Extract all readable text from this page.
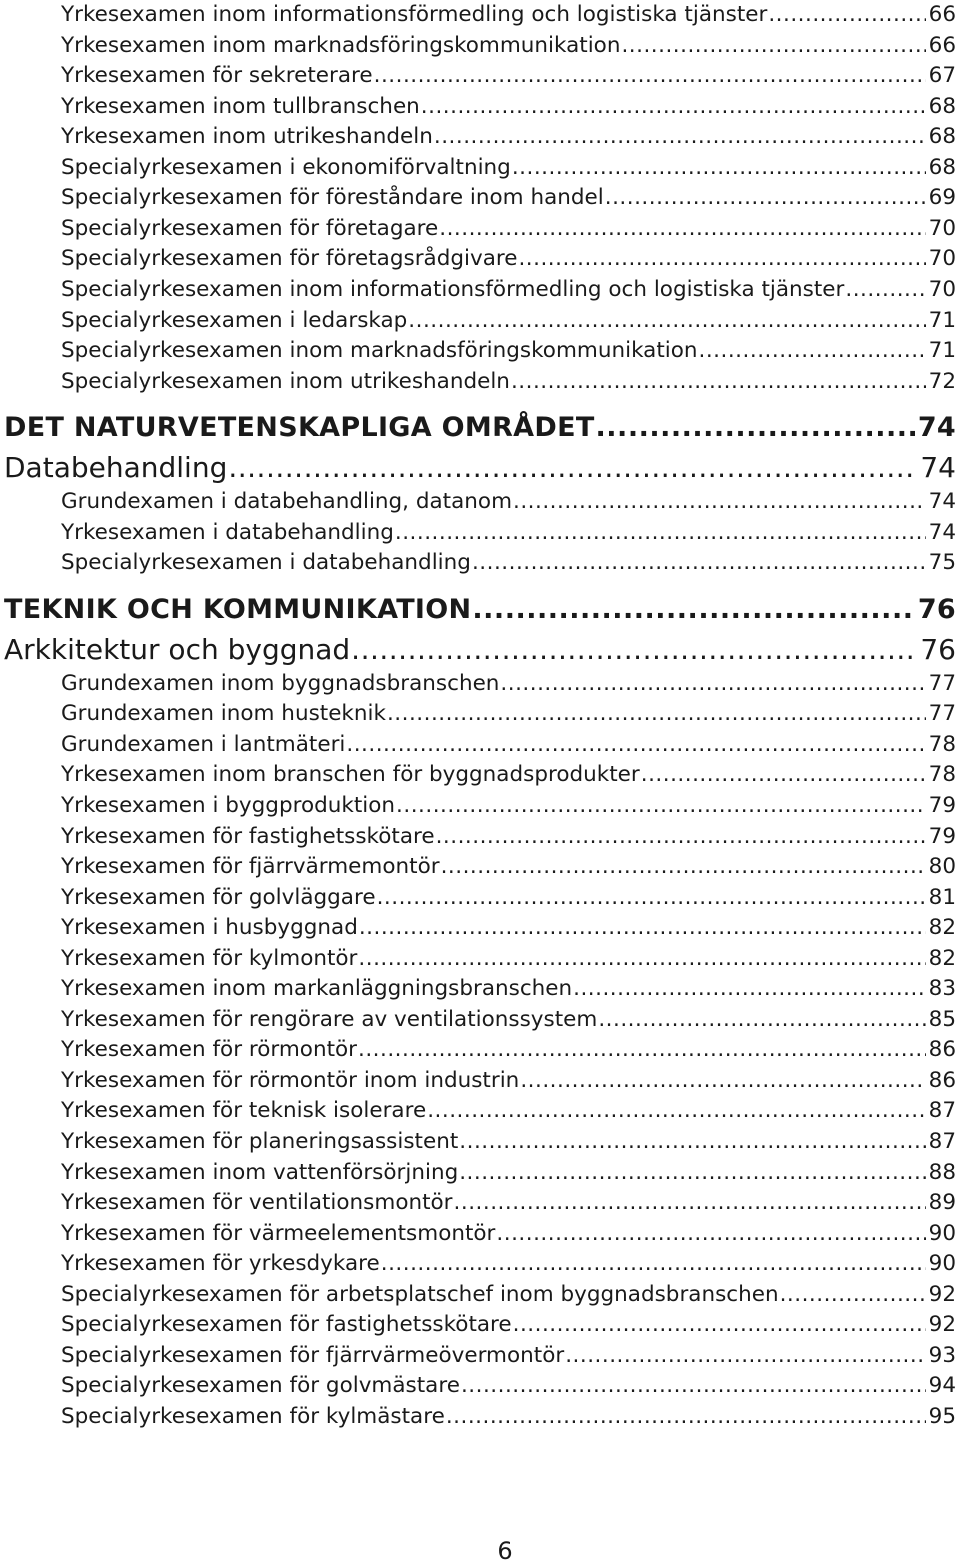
Yrkesexamen inom informationsförmedling och logistiska tjänster .....	66
Yrkesexamen inom marknadsföringskommunikation .....	66
Yrkesexamen för sekreterare .....	67
Yrkesexamen inom tullbranschen .....	68
Yrkesexamen inom utrikeshandeln .....	68
Specialyrkesexamen i ekonomiförvaltning .....	68
Specialyrkesexamen för föreståndare inom handel .....	69
Specialyrkesexamen för företagare .....	70
Specialyrkesexamen för företagsrådgivare .....	70
Specialyrkesexamen inom informationsförmedling och logistiska tjänster .....	70
Specialyrkesexamen i ledarskap .....	71
Specialyrkesexamen inom marknadsföringskommunikation .....	71
Specialyrkesexamen inom utrikeshandeln .....	72
DET NATURVETENSKAPLIGA OMRÅDET .....	74
Databehandling .....	74
Grundexamen i databehandling, datanom .....	74
Yrkesexamen i databehandling .....	74
Specialyrkesexamen i databehandling .....	75
TEKNIK OCH KOMMUNIKATION .....	76
Arkkitektur och byggnad .....	76
Grundexamen inom byggnadsbranschen .....	77
Grundexamen inom husteknik .....	77
Grundexamen i lantmäteri .....	78
Yrkesexamen inom branschen för byggnadsprodukter .....	78
Yrkesexamen i byggproduktion .....	79
Yrkesexamen för fastighetsskötare .....	79
Yrkesexamen för fjärrvärmemontör .....	80
Yrkesexamen för golvläggare .....	81
Yrkesexamen i husbyggnad .....	82
Yrkesexamen för kylmontör .....	82
Yrkesexamen inom markanläggningsbranschen .....	83
Yrkesexamen för rengörare av ventilationssystem .....	85
Yrkesexamen för rörmontör .....	86
Yrkesexamen för rörmontör inom industrin .....	86
Yrkesexamen för teknisk isolerare .....	87
Yrkesexamen för planeringsassistent .....	87
Yrkesexamen inom vattenförsörjning .....	88
Yrkesexamen för ventilationsmontör .....	89
Yrkesexamen för värmeelementsmontör .....	90
Yrkesexamen för yrkesdykare .....	90
Specialyrkesexamen för arbetsplatschef inom byggnadsbranschen .....	92
Specialyrkesexamen för fastighetsskötare .....	92
Specialyrkesexamen för fjärrvärmeövermontör .....	93
Specialyrkesexamen för golvmästare .....	94
Specialyrkesexamen för kylmästare .....	95
6
